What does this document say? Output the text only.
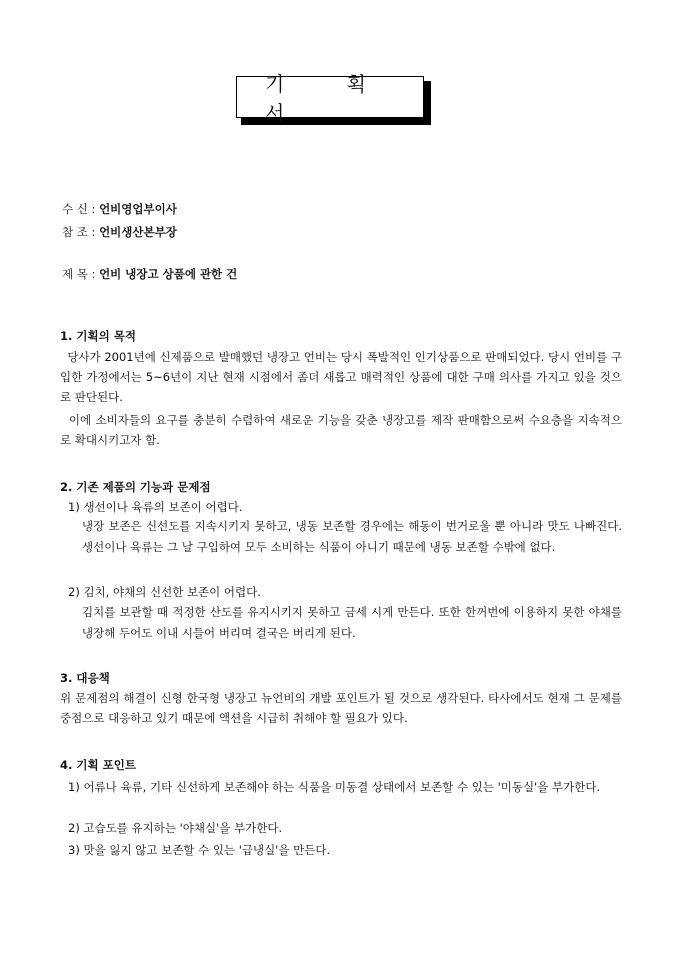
기 획 서
수 신 : 언비영업부이사
참 조 : 언비생산본부장
제 목 : 언비 냉장고 상품에 관한 건
1. 기획의 목적
당사가 2001년에 신제품으로 발매했던 냉장고 언비는 당시 폭발적인 인기상품으로 판매되었다. 당시 언비를 구입한 가정에서는 5~6년이 지난 현재 시점에서 좀더 새롭고 매력적인 상품에 대한 구매 의사를 가지고 있을 것으로 판단된다.
이에 소비자들의 요구를 충분히 수렴하여 새로운 기능을 갖춘 냉장고를 제작 판매함으로써 수요층을 지속적으로 확대시키고자 함.
2. 기존 제품의 기능과 문제점
1) 생선이나 육류의 보존이 어렵다.
냉장 보존은 신선도를 지속시키지 못하고, 냉동 보존할 경우에는 해동이 번거로울 뿐 아니라 맛도 나빠진다. 생선이나 육류는 그 날 구입하여 모두 소비하는 식품이 아니기 때문에 냉동 보존할 수밖에 없다.
2) 김치, 야채의 신선한 보존이 어렵다.
김치를 보관할 때 적정한 산도를 유지시키지 못하고 금세 시게 만든다. 또한 한꺼번에 이용하지 못한 야채를 냉장해 두어도 이내 시들어 버리며 결국은 버리게 된다.
3. 대응책
위 문제점의 해결이 신형 한국형 냉장고 뉴언비의 개발 포인트가 될 것으로 생각된다. 타사에서도 현재 그 문제를 중점으로 대응하고 있기 때문에 액션을 시급히 취해야 할 필요가 있다.
4. 기획 포인트
1) 어류나 육류, 기타 신선하게 보존해야 하는 식품을 미동결 상태에서 보존할 수 있는 '미동실'을 부가한다.
2) 고습도를 유지하는 '야채실'을 부가한다.
3) 맛을 잃지 않고 보존할 수 있는 '급냉실'을 만든다.
